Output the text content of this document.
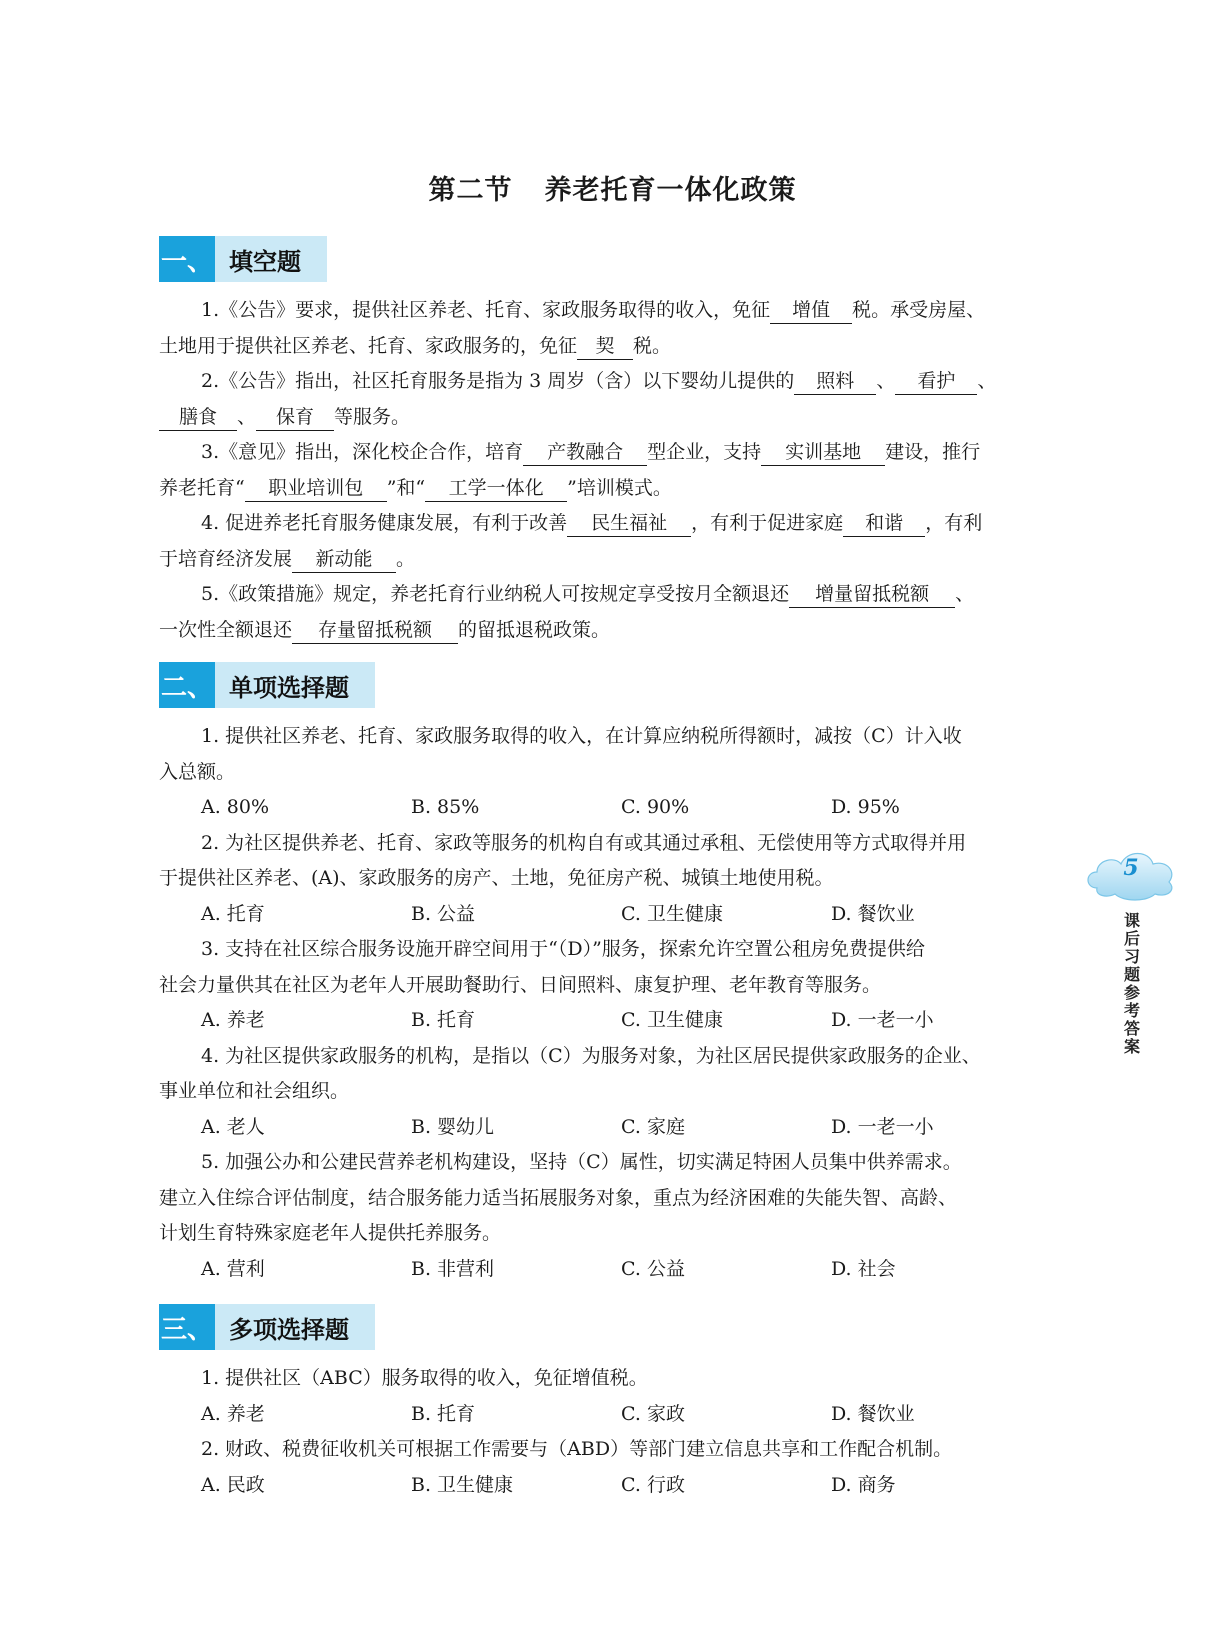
第二节 养老托育一体化政策
一、 填空题
1.《公告》要求，提供社区养老、托育、家政服务取得的收入，免征 增值 税。承受房屋、
土地用于提供社区养老、托育、家政服务的，免征 契 税。
2.《公告》指出，社区托育服务是指为 3 周岁（含）以下婴幼儿提供的 照料 、 看护 、
膳食 、 保育 等服务。
3.《意见》指出，深化校企合作，培育 产教融合 型企业，支持 实训基地 建设，推行
养老托育“ 职业培训包 ”和“ 工学一体化 ”培训模式。
4. 促进养老托育服务健康发展，有利于改善 民生福祉 ，有利于促进家庭 和谐 ，有利
于培育经济发展 新动能 。
5.《政策措施》规定，养老托育行业纳税人可按规定享受按月全额退还 增量留抵税额 、
一次性全额退还 存量留抵税额 的留抵退税政策。
二、 单项选择题
1. 提供社区养老、托育、家政服务取得的收入，在计算应纳税所得额时，减按（C）计入收
入总额。
A. 80%	B. 85%	C. 90%	D. 95%
2. 为社区提供养老、托育、家政等服务的机构自有或其通过承租、无偿使用等方式取得并用
于提供社区养老、(A)、家政服务的房产、土地，免征房产税、城镇土地使用税。
A. 托育	B. 公益	C. 卫生健康	D. 餐饮业
3. 支持在社区综合服务设施开辟空间用于“（D）”服务，探索允许空置公租房免费提供给
社会力量供其在社区为老年人开展助餐助行、日间照料、康复护理、老年教育等服务。
A. 养老	B. 托育	C. 卫生健康	D. 一老一小
4. 为社区提供家政服务的机构，是指以（C）为服务对象，为社区居民提供家政服务的企业、
事业单位和社会组织。
A. 老人	B. 婴幼儿	C. 家庭	D. 一老一小
5. 加强公办和公建民营养老机构建设，坚持（C）属性，切实满足特困人员集中供养需求。
建立入住综合评估制度，结合服务能力适当拓展服务对象，重点为经济困难的失能失智、高龄、
计划生育特殊家庭老年人提供托养服务。
A. 营利	B. 非营利	C. 公益	D. 社会
三、 多项选择题
1. 提供社区（ABC）服务取得的收入，免征增值税。
A. 养老	B. 托育	C. 家政	D. 餐饮业
2. 财政、税费征收机关可根据工作需要与（ABD）等部门建立信息共享和工作配合机制。
A. 民政	B. 卫生健康	C. 行政	D. 商务
5
课
后
习
题
参
考
答
案
